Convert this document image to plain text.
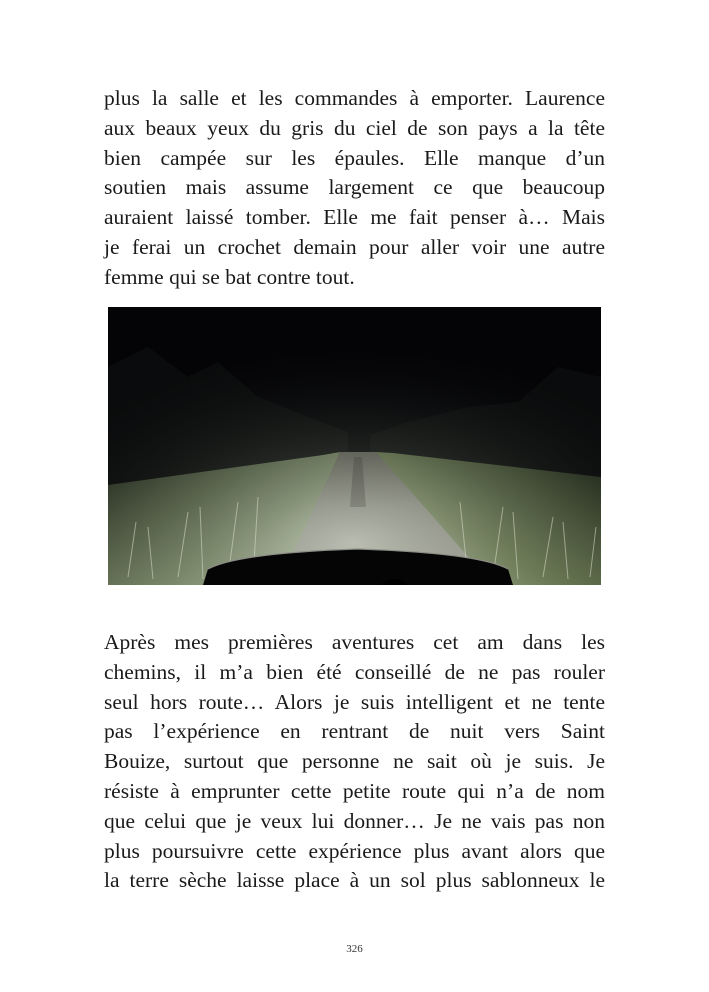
plus la salle et les commandes à emporter. Laurence
aux beaux yeux du gris du ciel de son pays a la tête
bien campée sur les épaules. Elle manque d’un
soutien mais assume largement ce que beaucoup
auraient laissé tomber. Elle me fait penser à… Mais
je ferai un crochet demain pour aller voir une autre
femme qui se bat contre tout.

Après mes premières aventures cet am dans les
chemins, il m’a bien été conseillé de ne pas rouler
seul hors route… Alors je suis intelligent et ne tente
pas l’expérience en rentrant de nuit vers Saint
Bouize, surtout que personne ne sait où je suis. Je
résiste à emprunter cette petite route qui n’a de nom
que celui que je veux lui donner… Je ne vais pas non
plus poursuivre cette expérience plus avant alors que
la terre sèche laisse place à un sol plus sablonneux le

326
